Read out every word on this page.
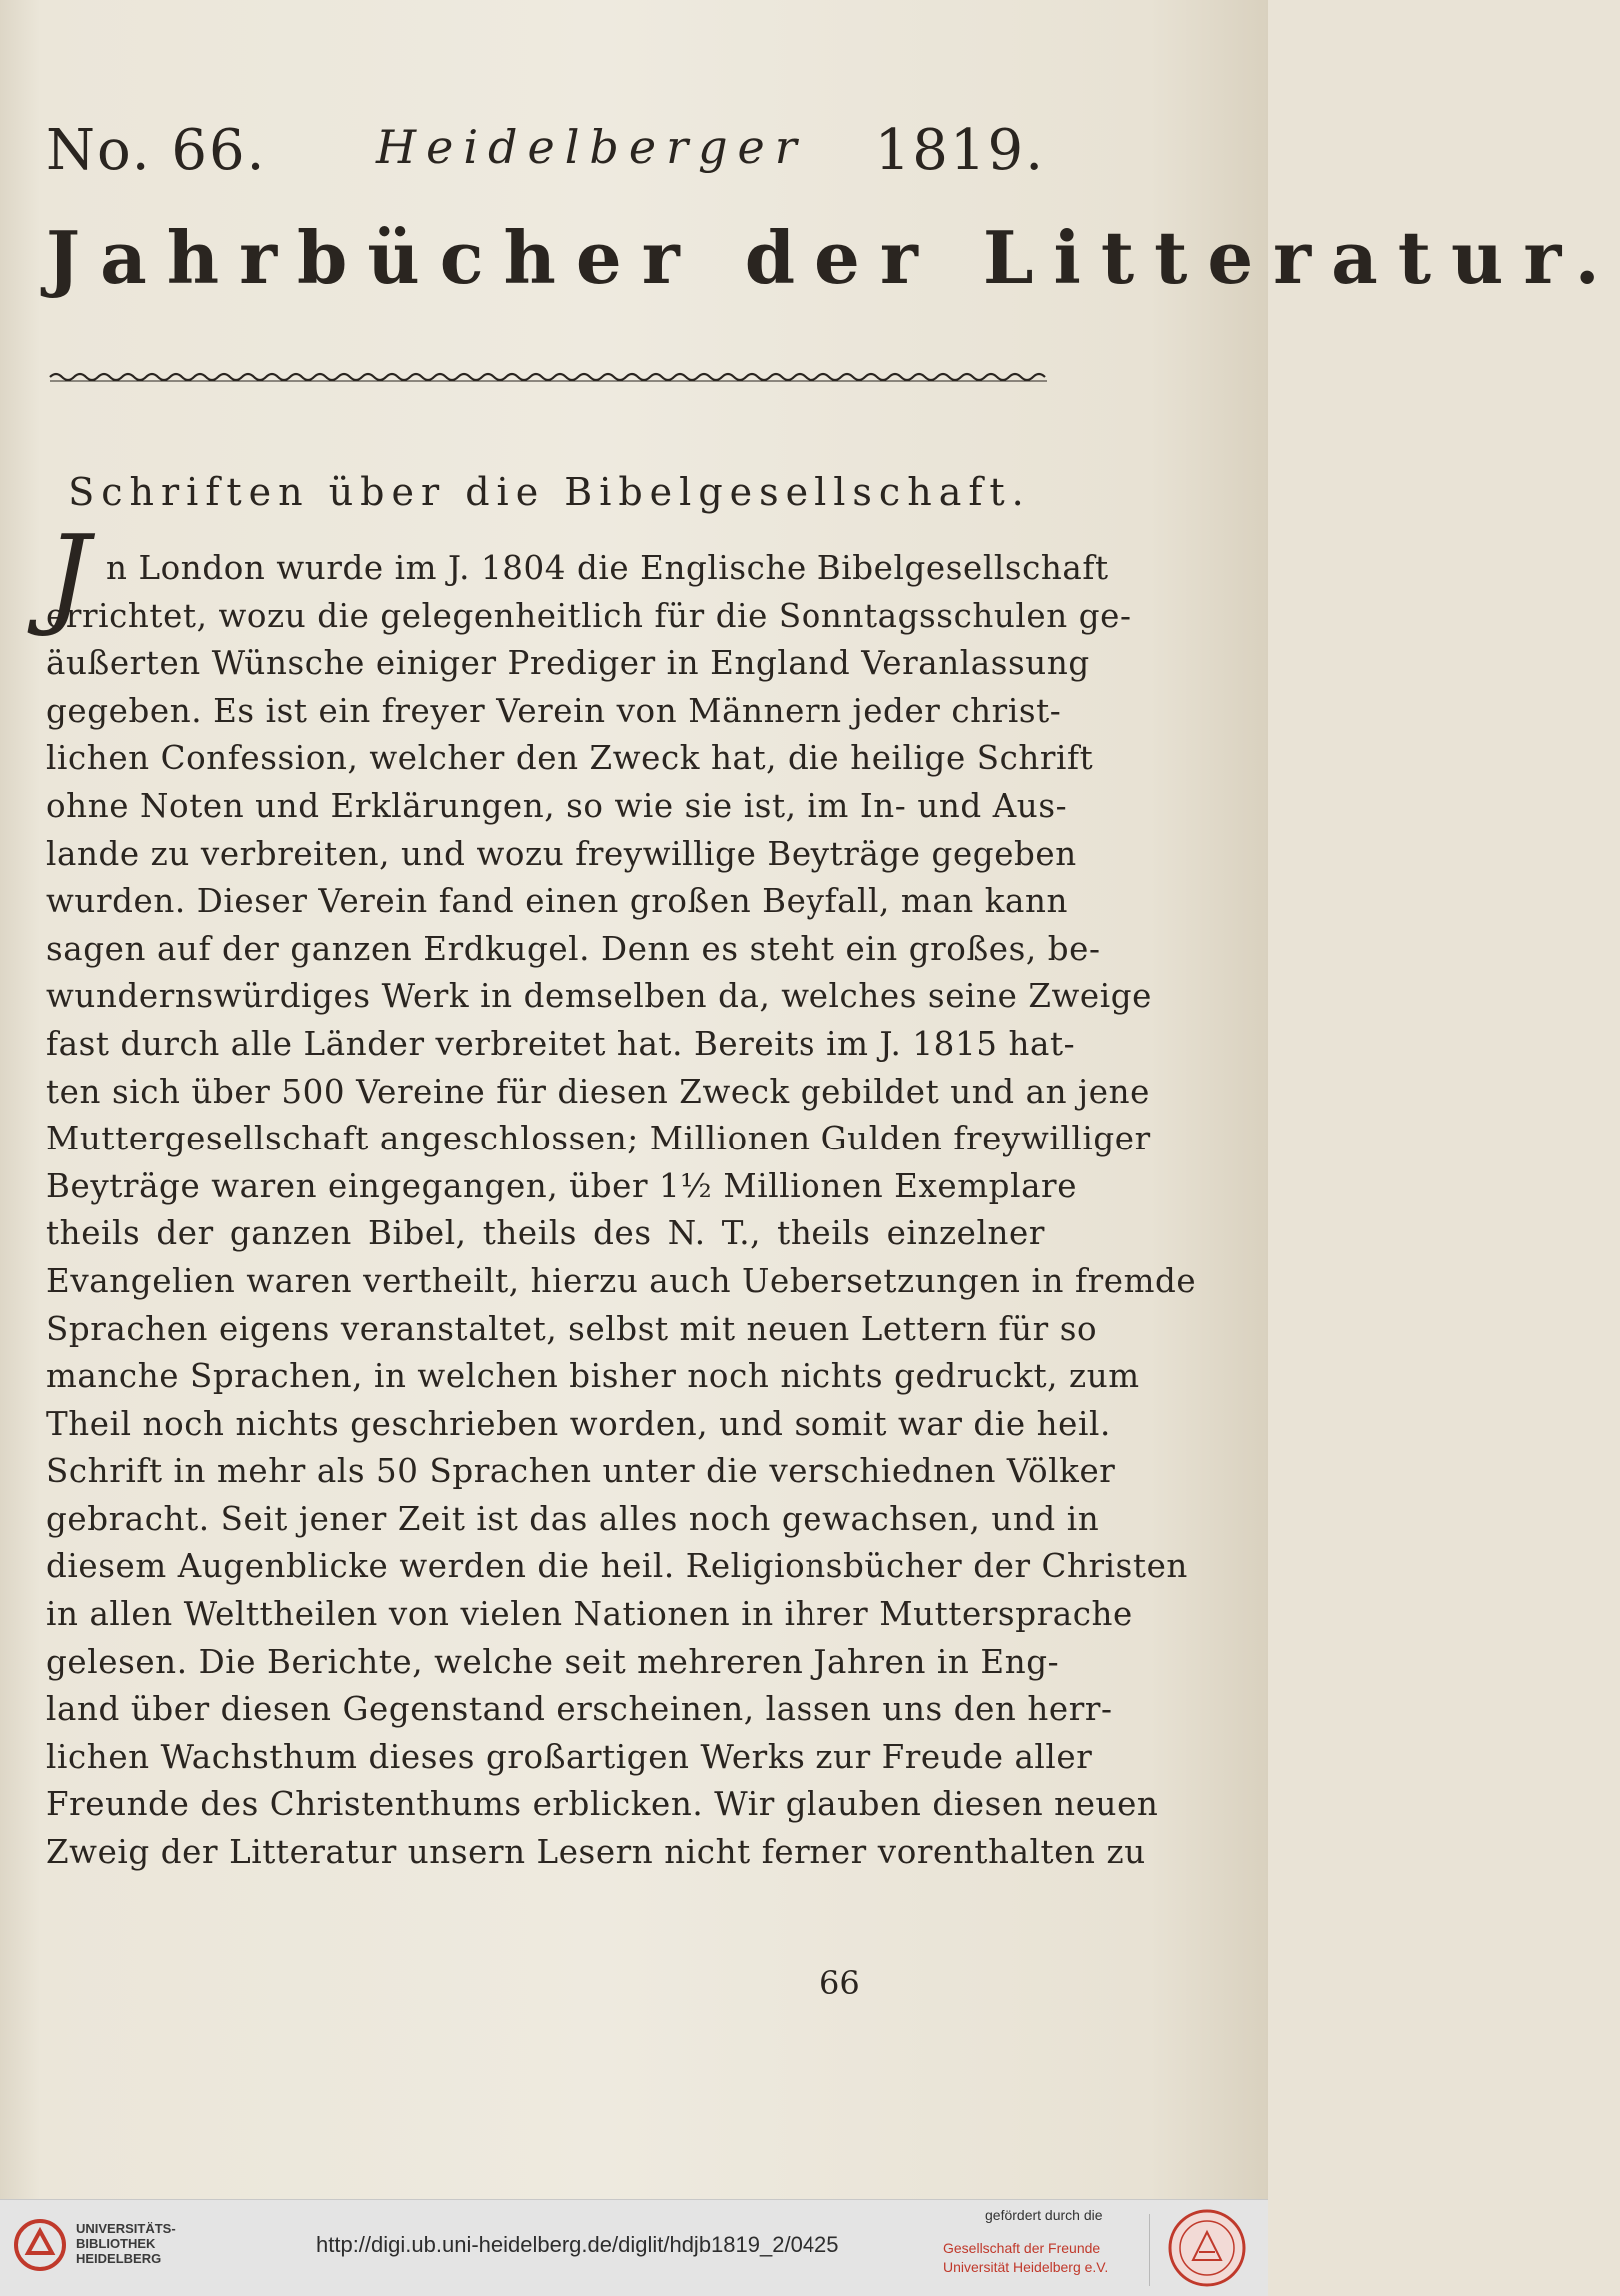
No. 66. Heidelberger 1819.
Jahrbücher der Litteratur.
Schriften über die Bibelgesellschaft.
J n London wurde im J. 1804 die Englische Bibelgesellschaft
errichtet, wozu die gelegenheitlich für die Sonntagsschulen ge-
äußerten Wünsche einiger Prediger in England Veranlassung
gegeben. Es ist ein freyer Verein von Männern jeder christ-
lichen Confession, welcher den Zweck hat, die heilige Schrift
ohne Noten und Erklärungen, so wie sie ist, im In- und Aus-
lande zu verbreiten, und wozu freywillige Beyträge gegeben
wurden. Dieser Verein fand einen großen Beyfall, man kann
sagen auf der ganzen Erdkugel. Denn es steht ein großes, be-
wundernswürdiges Werk in demselben da, welches seine Zweige
fast durch alle Länder verbreitet hat. Bereits im J. 1815 hat-
ten sich über 500 Vereine für diesen Zweck gebildet und an jene
Muttergesellschaft angeschlossen; Millionen Gulden freywilliger
Beyträge waren eingegangen, über 1½ Millionen Exemplare
theils der ganzen Bibel, theils des N. T., theils einzelner
Evangelien waren vertheilt, hierzu auch Uebersetzungen in fremde
Sprachen eigens veranstaltet, selbst mit neuen Lettern für so
manche Sprachen, in welchen bisher noch nichts gedruckt, zum
Theil noch nichts geschrieben worden, und somit war die heil.
Schrift in mehr als 50 Sprachen unter die verschiednen Völker
gebracht. Seit jener Zeit ist das alles noch gewachsen, und in
diesem Augenblicke werden die heil. Religionsbücher der Christen
in allen Welttheilen von vielen Nationen in ihrer Muttersprache
gelesen. Die Berichte, welche seit mehreren Jahren in Eng-
land über diesen Gegenstand erscheinen, lassen uns den herr-
lichen Wachsthum dieses großartigen Werks zur Freude aller
Freunde des Christenthums erblicken. Wir glauben diesen neuen
Zweig der Litteratur unsern Lesern nicht ferner vorenthalten zu
66
UNIVERSITÄTS-
BIBLIOTHEK
HEIDELBERG
http://digi.ub.uni-heidelberg.de/diglit/hdjb1819_2/0425
gefördert durch die
Gesellschaft der Freunde
Universität Heidelberg e.V.
